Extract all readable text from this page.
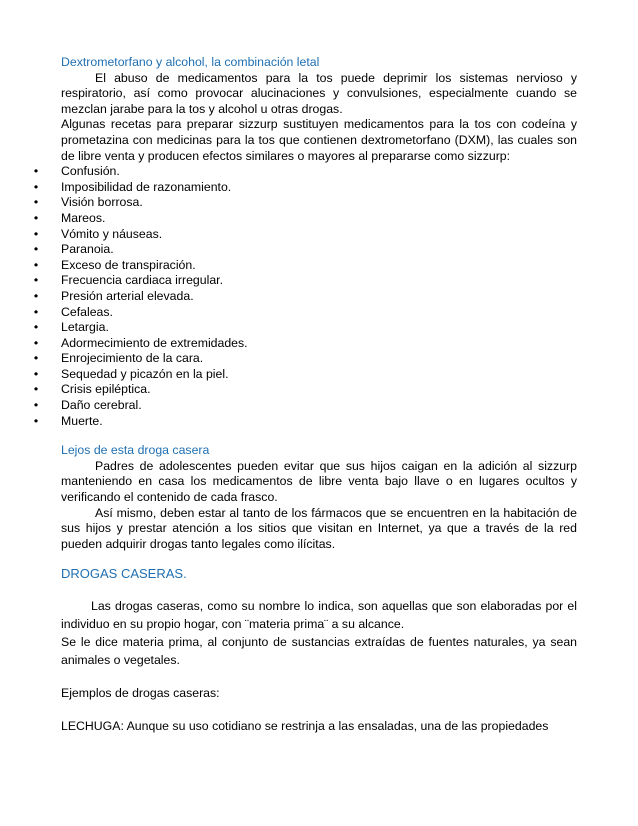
Dextrometorfano y alcohol, la combinación letal

El abuso de medicamentos para la tos puede deprimir los sistemas nervioso y respiratorio, así como provocar alucinaciones y convulsiones, especialmente cuando se mezclan jarabe para la tos y alcohol u otras drogas.

Algunas recetas para preparar sizzurp sustituyen medicamentos para la tos con codeína y prometazina con medicinas para la tos que contienen dextrometorfano (DXM), las cuales son de libre venta y producen efectos similares o mayores al prepararse como sizzurp:

• Confusión.
• Imposibilidad de razonamiento.
• Visión borrosa.
• Mareos.
• Vómito y náuseas.
• Paranoia.
• Exceso de transpiración.
• Frecuencia cardiaca irregular.
• Presión arterial elevada.
• Cefaleas.
• Letargia.
• Adormecimiento de extremidades.
• Enrojecimiento de la cara.
• Sequedad y picazón en la piel.
• Crisis epiléptica.
• Daño cerebral.
• Muerte.
Lejos de esta droga casera

Padres de adolescentes pueden evitar que sus hijos caigan en la adición al sizzurp manteniendo en casa los medicamentos de libre venta bajo llave o en lugares ocultos y verificando el contenido de cada frasco.

Así mismo, deben estar al tanto de los fármacos que se encuentren en la habitación de sus hijos y prestar atención a los sitios que visitan en Internet, ya que a través de la red pueden adquirir drogas tanto legales como ilícitas.

DROGAS CASERAS.

Las drogas caseras, como su nombre lo indica, son aquellas que son elaboradas por el individuo en su propio hogar, con ¨materia prima¨ a su alcance.

Se le dice materia prima, al conjunto de sustancias extraídas de fuentes naturales, ya sean animales o vegetales.

Ejemplos de drogas caseras:

LECHUGA: Aunque su uso cotidiano se restrinja a las ensaladas, una de las propiedades
